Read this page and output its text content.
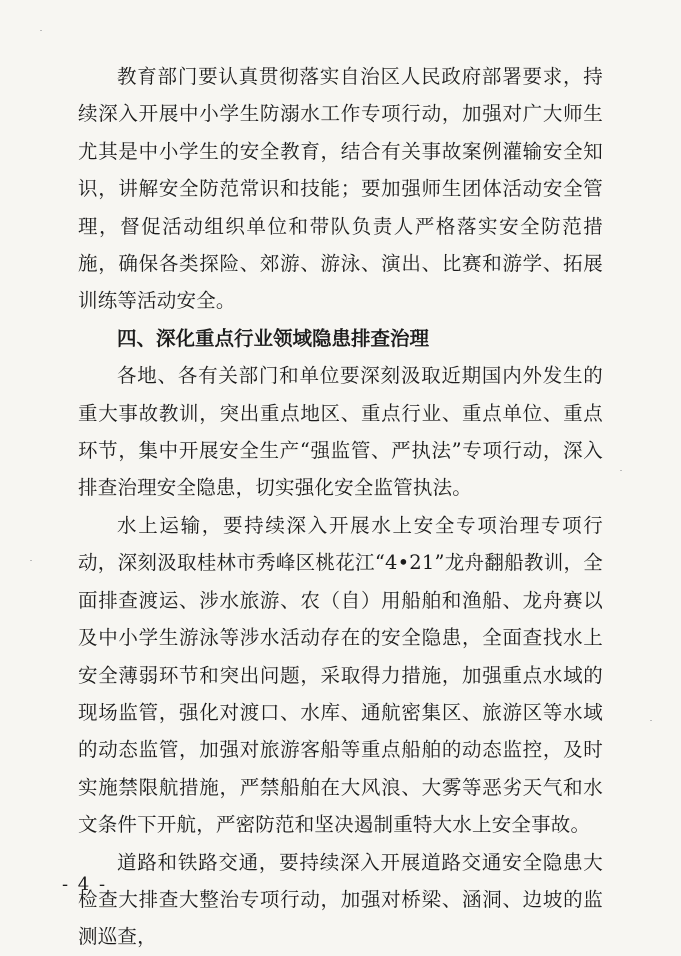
教育部门要认真贯彻落实自治区人民政府部署要求，持续深入开展中小学生防溺水工作专项行动，加强对广大师生尤其是中小学生的安全教育，结合有关事故案例灌输安全知识，讲解安全防范常识和技能；要加强师生团体活动安全管理，督促活动组织单位和带队负责人严格落实安全防范措施，确保各类探险、郊游、游泳、演出、比赛和游学、拓展训练等活动安全。

四、深化重点行业领域隐患排查治理

各地、各有关部门和单位要深刻汲取近期国内外发生的重大事故教训，突出重点地区、重点行业、重点单位、重点环节，集中开展安全生产“强监管、严执法”专项行动，深入排查治理安全隐患，切实强化安全监管执法。

水上运输，要持续深入开展水上安全专项治理专项行动，深刻汲取桂林市秀峰区桃花江“4•21”龙舟翻船教训，全面排查渡运、涉水旅游、农（自）用船舶和渔船、龙舟赛以及中小学生游泳等涉水活动存在的安全隐患，全面查找水上安全薄弱环节和突出问题，采取得力措施，加强重点水域的现场监管，强化对渡口、水库、通航密集区、旅游区等水域的动态监管，加强对旅游客船等重点船舶的动态监控，及时实施禁限航措施，严禁船舶在大风浪、大雾等恶劣天气和水文条件下开航，严密防范和坚决遏制重特大水上安全事故。

道路和铁路交通，要持续深入开展道路交通安全隐患大检查大排查大整治专项行动，加强对桥梁、涵洞、边坡的监测巡查，

- 4 -
